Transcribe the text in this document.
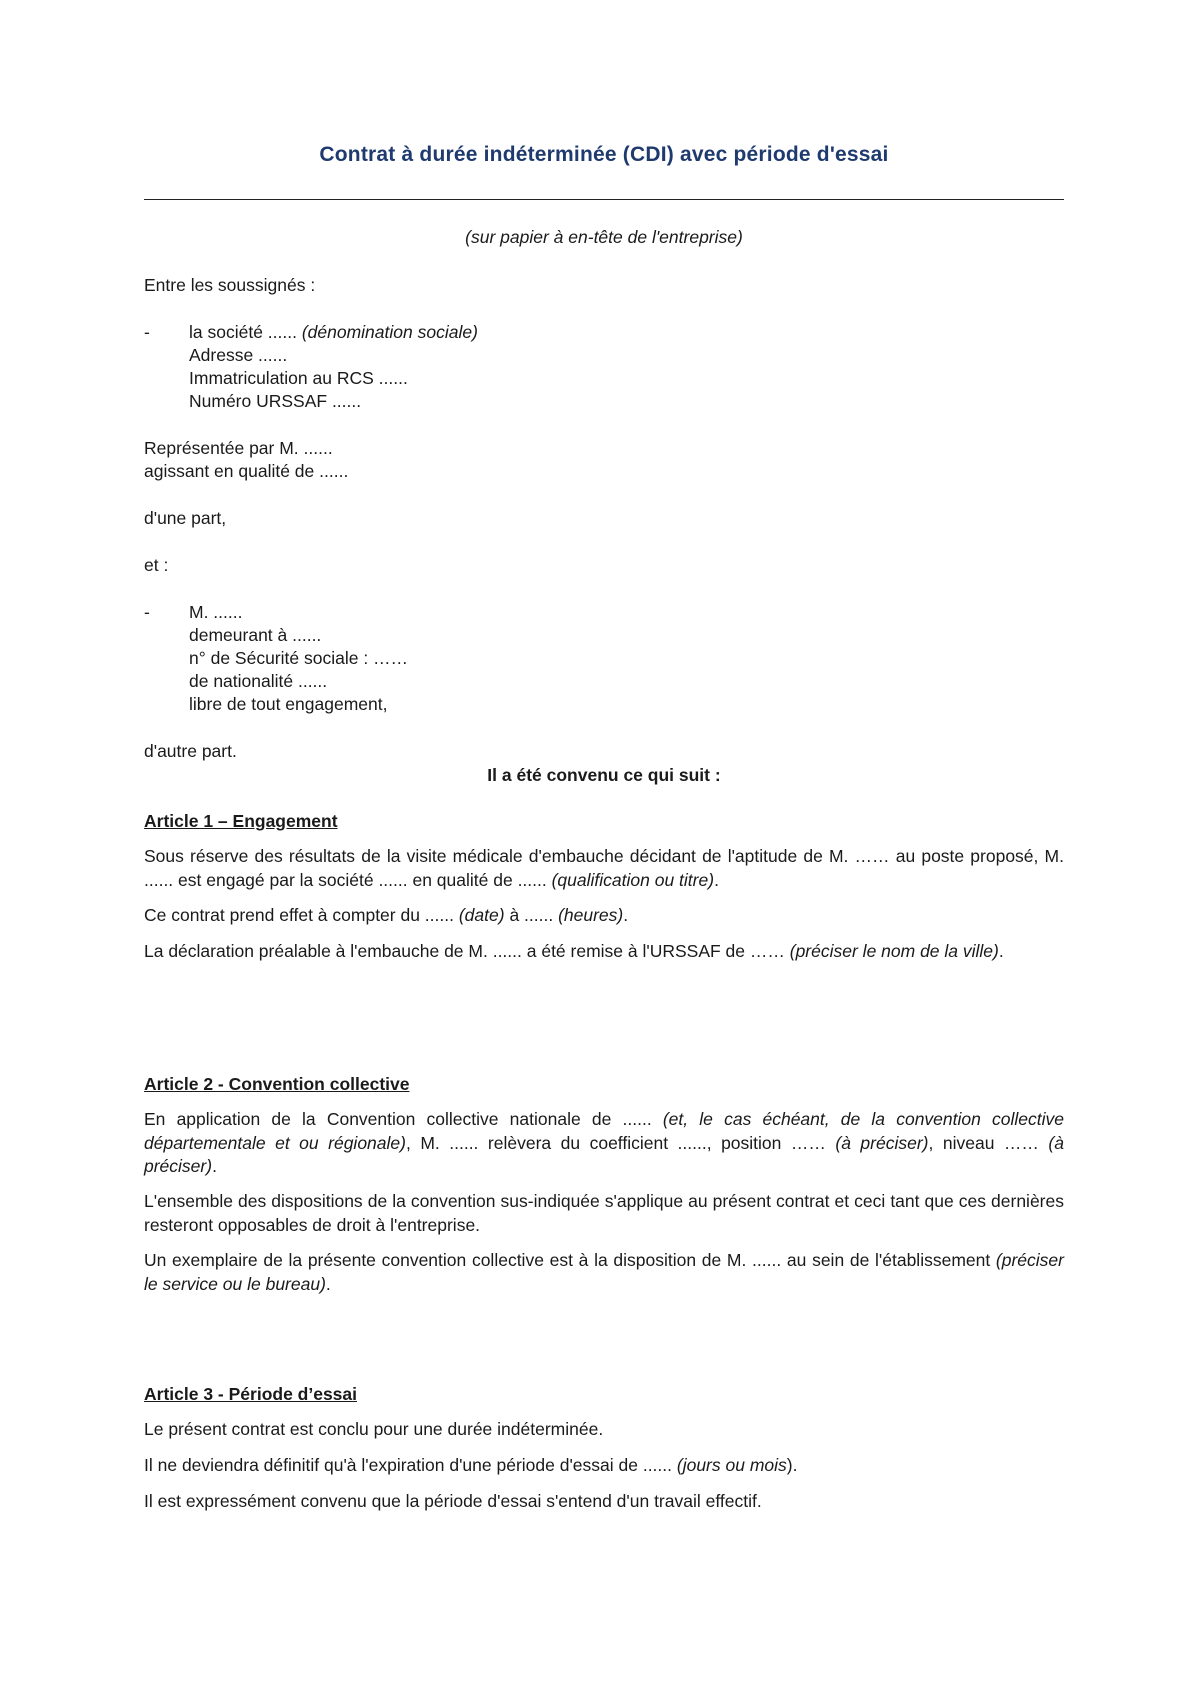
Contrat à durée indéterminée (CDI) avec période d'essai
(sur papier à en-tête de l'entreprise)
Entre les soussignés :
- la société ...... (dénomination sociale)
Adresse ......
Immatriculation au RCS ......
Numéro URSSAF ......
Représentée par M. ......
agissant en qualité de ......
d'une part,
et :
- M. ......
demeurant à ......
n° de Sécurité sociale : ……
de nationalité ......
libre de tout engagement,
d'autre part.
Il a été convenu ce qui suit :
Article 1 – Engagement
Sous réserve des résultats de la visite médicale d'embauche décidant de l'aptitude de M. …… au poste proposé, M. ...... est engagé par la société ...... en qualité de ...... (qualification ou titre).
Ce contrat prend effet à compter du ...... (date) à ...... (heures).
La déclaration préalable à l'embauche de M. ...... a été remise à l'URSSAF de …… (préciser le nom de la ville).
Article 2 - Convention collective
En application de la Convention collective nationale de ...... (et, le cas échéant, de la convention collective départementale et ou régionale), M. ...... relèvera du coefficient ......, position …… (à préciser), niveau …… (à préciser).
L'ensemble des dispositions de la convention sus-indiquée s'applique au présent contrat et ceci tant que ces dernières resteront opposables de droit à l'entreprise.
Un exemplaire de la présente convention collective est à la disposition de M. ...... au sein de l'établissement (préciser le service ou le bureau).
Article 3 - Période d’essai
Le présent contrat est conclu pour une durée indéterminée.
Il ne deviendra définitif qu'à l'expiration d'une période d'essai de ...... (jours ou mois).
Il est expressément convenu que la période d'essai s'entend d'un travail effectif.
